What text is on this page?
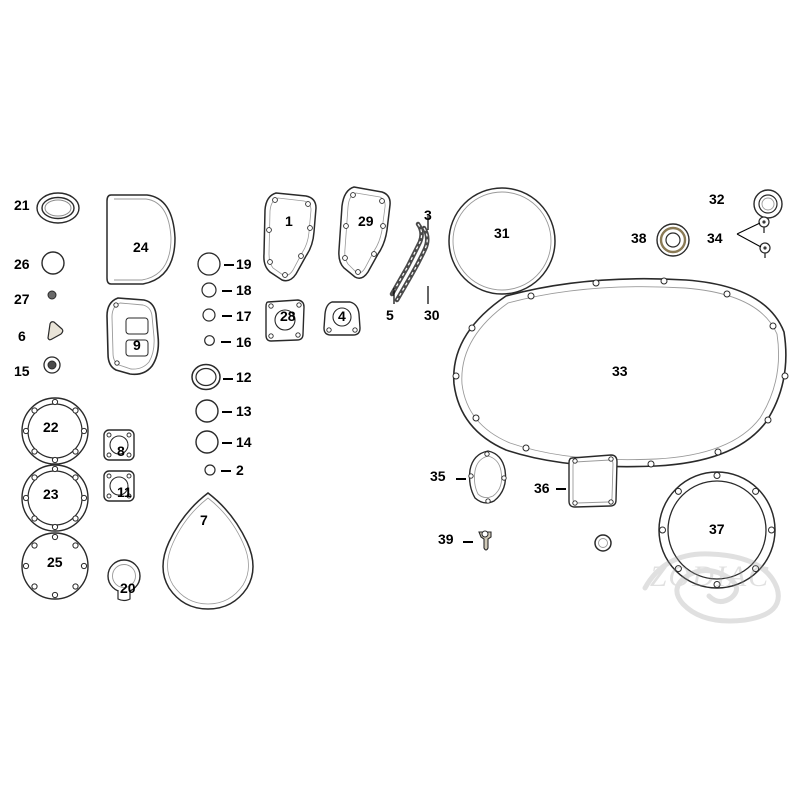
21
26
27
6
15
22
23
25
24
9
8
11
7
20
19
18
17
16
12
13
14
2
1	29
28	4
3
5 30
31
33
32
38	34
35
36
37
39
ZODIAC
